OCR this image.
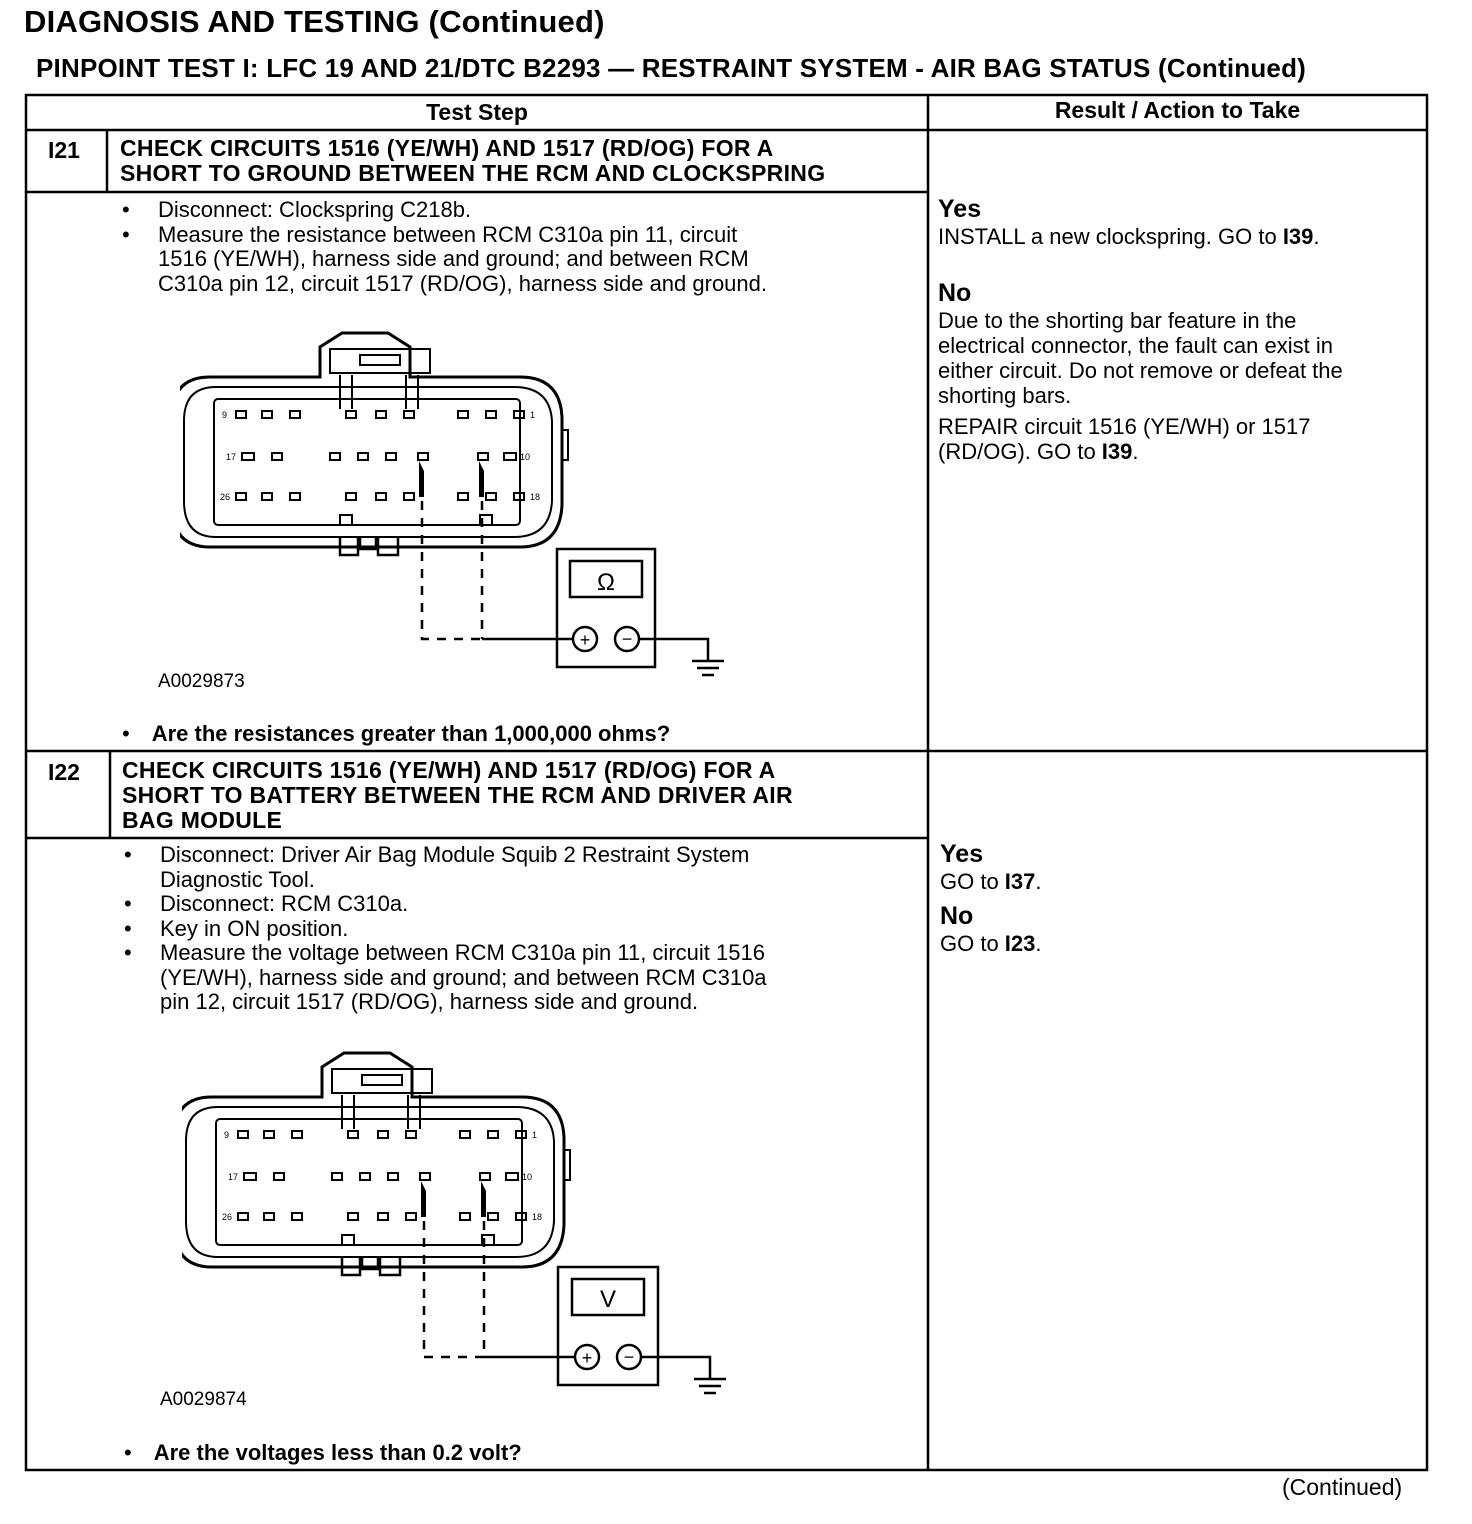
DIAGNOSIS AND TESTING (Continued)
PINPOINT TEST I: LFC 19 AND 21/DTC B2293 — RESTRAINT SYSTEM - AIR BAG STATUS (Continued)
Test Step	Result / Action to Take
I21 CHECK CIRCUITS 1516 (YE/WH) AND 1517 (RD/OG) FOR A
SHORT TO GROUND BETWEEN THE RCM AND CLOCKSPRING
• Disconnect: Clockspring C218b.
• Measure the resistance between RCM C310a pin 11, circuit
1516 (YE/WH), harness side and ground; and between RCM
C310a pin 12, circuit 1517 (RD/OG), harness side and ground.
9	1
17	10
26	18
Ω
+ −
A0029873
• Are the resistances greater than 1,000,000 ohms?
Yes
INSTALL a new clockspring. GO to I39.
No
Due to the shorting bar feature in the
electrical connector, the fault can exist in
either circuit. Do not remove or defeat the
shorting bars.
REPAIR circuit 1516 (YE/WH) or 1517
(RD/OG). GO to I39.
I22 CHECK CIRCUITS 1516 (YE/WH) AND 1517 (RD/OG) FOR A
SHORT TO BATTERY BETWEEN THE RCM AND DRIVER AIR
BAG MODULE
• Disconnect: Driver Air Bag Module Squib 2 Restraint System
Diagnostic Tool.
• Disconnect: RCM C310a.
• Key in ON position.
• Measure the voltage between RCM C310a pin 11, circuit 1516
(YE/WH), harness side and ground; and between RCM C310a
pin 12, circuit 1517 (RD/OG), harness side and ground.
9	1
17	10
26	18
V
+ −
A0029874
• Are the voltages less than 0.2 volt?
Yes
GO to I37.
No
GO to I23.
(Continued)
